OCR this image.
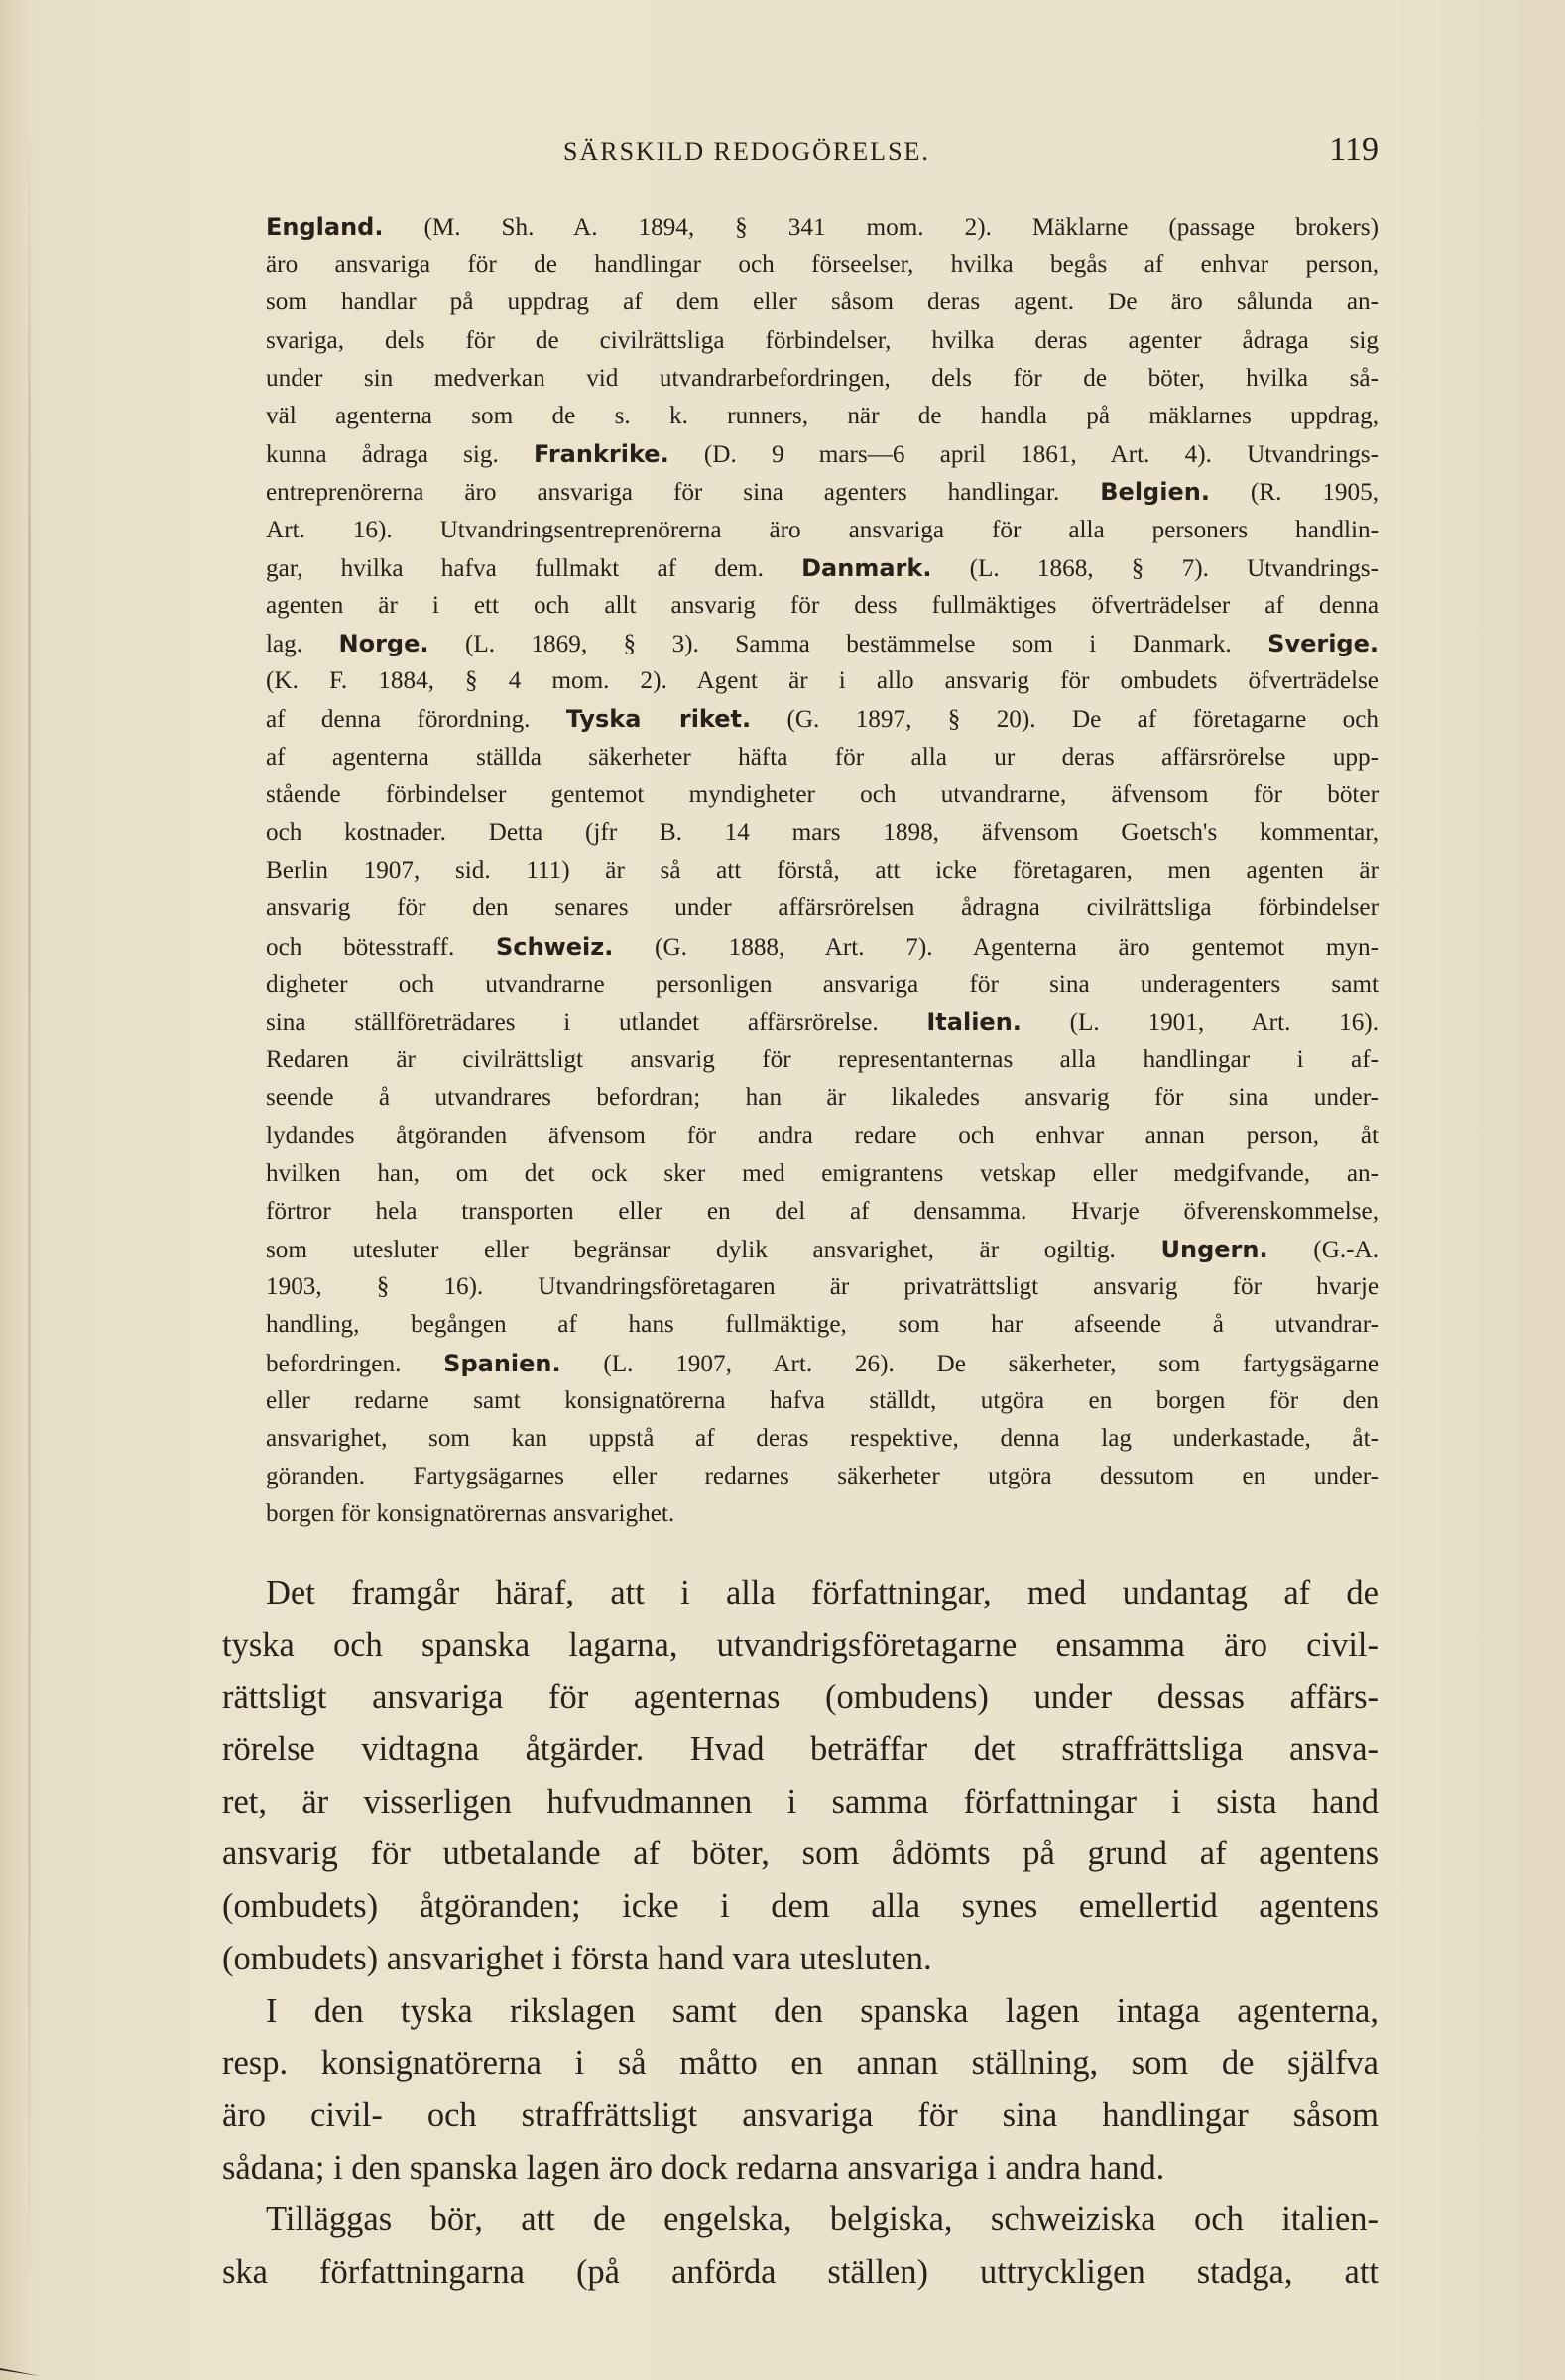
SÄRSKILD REDOGÖRELSE.	119
England. (M. Sh. A. 1894, § 341 mom. 2). Mäklarne (passage brokers)
äro ansvariga för de handlingar och förseelser, hvilka begås af enhvar person,
som handlar på uppdrag af dem eller såsom deras agent. De äro sålunda an-
svariga, dels för de civilrättsliga förbindelser, hvilka deras agenter ådraga sig
under sin medverkan vid utvandrarbefordringen, dels för de böter, hvilka så-
väl agenterna som de s. k. runners, när de handla på mäklarnes uppdrag,
kunna ådraga sig. Frankrike. (D. 9 mars—6 april 1861, Art. 4). Utvandrings-
entreprenörerna äro ansvariga för sina agenters handlingar. Belgien. (R. 1905,
Art. 16). Utvandringsentreprenörerna äro ansvariga för alla personers handlin-
gar, hvilka hafva fullmakt af dem. Danmark. (L. 1868, § 7). Utvandrings-
agenten är i ett och allt ansvarig för dess fullmäktiges öfverträdelser af denna
lag. Norge. (L. 1869, § 3). Samma bestämmelse som i Danmark. Sverige.
(K. F. 1884, § 4 mom. 2). Agent är i allo ansvarig för ombudets öfverträdelse
af denna förordning. Tyska riket. (G. 1897, § 20). De af företagarne och
af agenterna ställda säkerheter häfta för alla ur deras affärsrörelse upp-
stående förbindelser gentemot myndigheter och utvandrarne, äfvensom för böter
och kostnader. Detta (jfr B. 14 mars 1898, äfvensom Goetsch's kommentar,
Berlin 1907, sid. 111) är så att förstå, att icke företagaren, men agenten är
ansvarig för den senares under affärsrörelsen ådragna civilrättsliga förbindelser
och bötesstraff. Schweiz. (G. 1888, Art. 7). Agenterna äro gentemot myn-
digheter och utvandrarne personligen ansvariga för sina underagenters samt
sina ställföreträdares i utlandet affärsrörelse. Italien. (L. 1901, Art. 16).
Redaren är civilrättsligt ansvarig för representanternas alla handlingar i af-
seende å utvandrares befordran; han är likaledes ansvarig för sina under-
lydandes åtgöranden äfvensom för andra redare och enhvar annan person, åt
hvilken han, om det ock sker med emigrantens vetskap eller medgifvande, an-
förtror hela transporten eller en del af densamma. Hvarje öfverenskommelse,
som utesluter eller begränsar dylik ansvarighet, är ogiltig. Ungern. (G.-A.
1903, § 16). Utvandringsföretagaren är privaträttsligt ansvarig för hvarje
handling, begången af hans fullmäktige, som har afseende å utvandrar-
befordringen. Spanien. (L. 1907, Art. 26). De säkerheter, som fartygsägarne
eller redarne samt konsignatörerna hafva ställdt, utgöra en borgen för den
ansvarighet, som kan uppstå af deras respektive, denna lag underkastade, åt-
göranden. Fartygsägarnes eller redarnes säkerheter utgöra dessutom en under-
borgen för konsignatörernas ansvarighet.
Det framgår häraf, att i alla författningar, med undantag af de
tyska och spanska lagarna, utvandrigsföretagarne ensamma äro civil-
rättsligt ansvariga för agenternas (ombudens) under dessas affärs-
rörelse vidtagna åtgärder. Hvad beträffar det straffrättsliga ansva-
ret, är visserligen hufvudmannen i samma författningar i sista hand
ansvarig för utbetalande af böter, som ådömts på grund af agentens
(ombudets) åtgöranden; icke i dem alla synes emellertid agentens
(ombudets) ansvarighet i första hand vara utesluten.
I den tyska rikslagen samt den spanska lagen intaga agenterna,
resp. konsignatörerna i så måtto en annan ställning, som de själfva
äro civil- och straffrättsligt ansvariga för sina handlingar såsom
sådana; i den spanska lagen äro dock redarna ansvariga i andra hand.
Tilläggas bör, att de engelska, belgiska, schweiziska och italien-
ska författningarna (på anförda ställen) uttryckligen stadga, att
